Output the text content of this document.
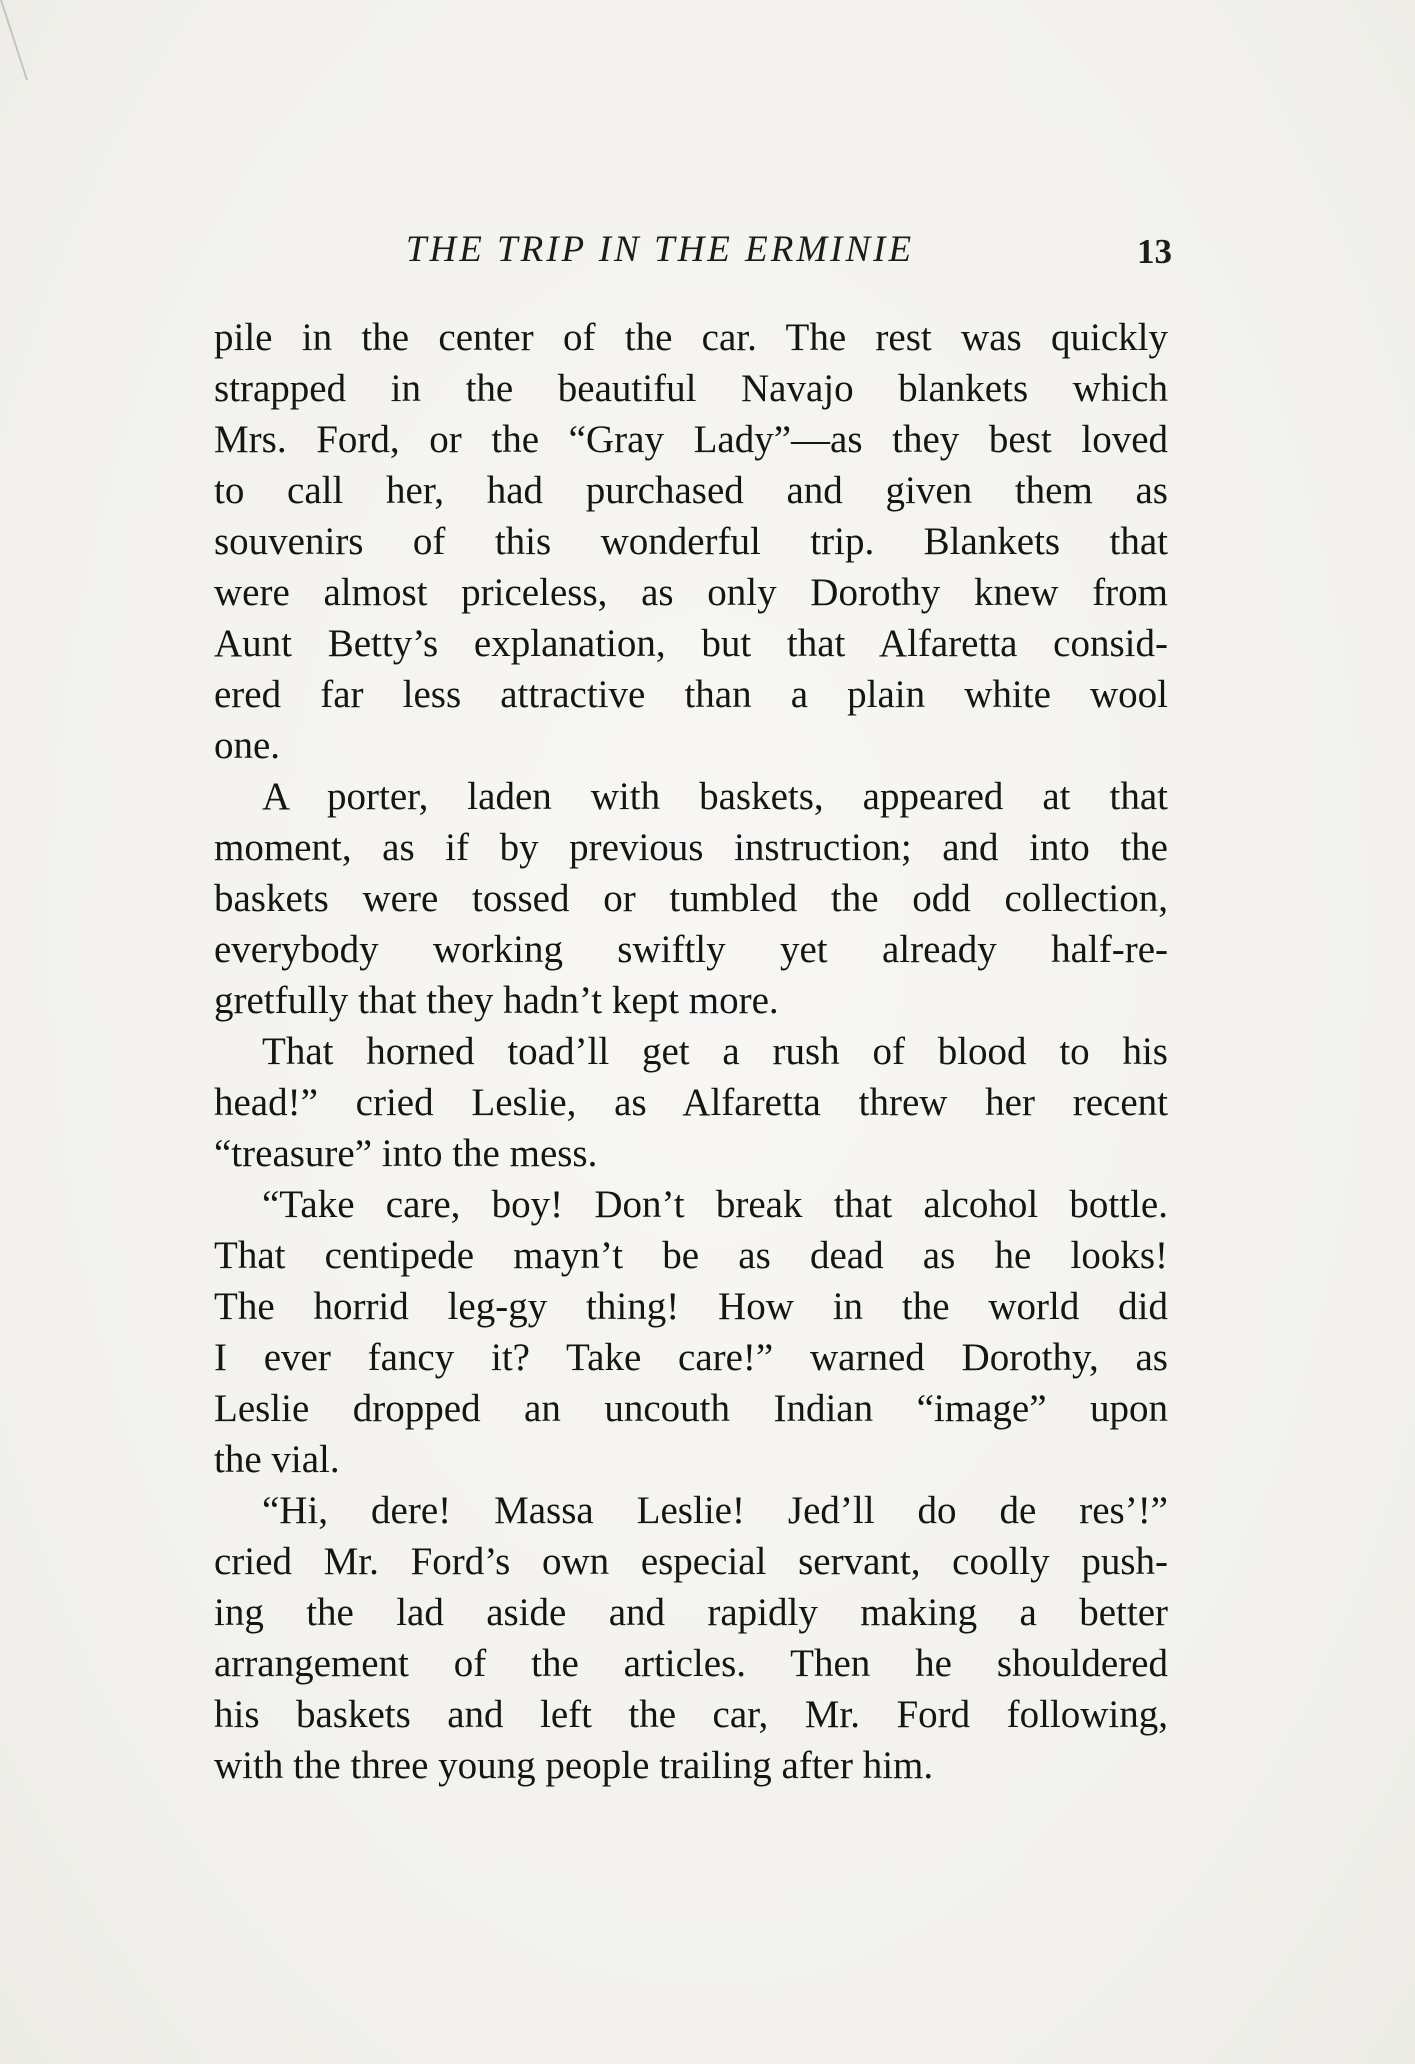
THE TRIP IN THE ERMINIE	13
pile in the center of the car. The rest was quickly
strapped in the beautiful Navajo blankets which
Mrs. Ford, or the “Gray Lady”—as they best loved
to call her, had purchased and given them as
souvenirs of this wonderful trip. Blankets that
were almost priceless, as only Dorothy knew from
Aunt Betty’s explanation, but that Alfaretta consid-
ered far less attractive than a plain white wool
one.
A porter, laden with baskets, appeared at that
moment, as if by previous instruction; and into the
baskets were tossed or tumbled the odd collection,
everybody working swiftly yet already half-re-
gretfully that they hadn’t kept more.
That horned toad’ll get a rush of blood to his
head!” cried Leslie, as Alfaretta threw her recent
“treasure” into the mess.
“Take care, boy! Don’t break that alcohol bottle.
That centipede mayn’t be as dead as he looks!
The horrid leg-gy thing! How in the world did
I ever fancy it? Take care!” warned Dorothy, as
Leslie dropped an uncouth Indian “image” upon
the vial.
“Hi, dere! Massa Leslie! Jed’ll do de res’!”
cried Mr. Ford’s own especial servant, coolly push-
ing the lad aside and rapidly making a better
arrangement of the articles. Then he shouldered
his baskets and left the car, Mr. Ford following,
with the three young people trailing after him.
